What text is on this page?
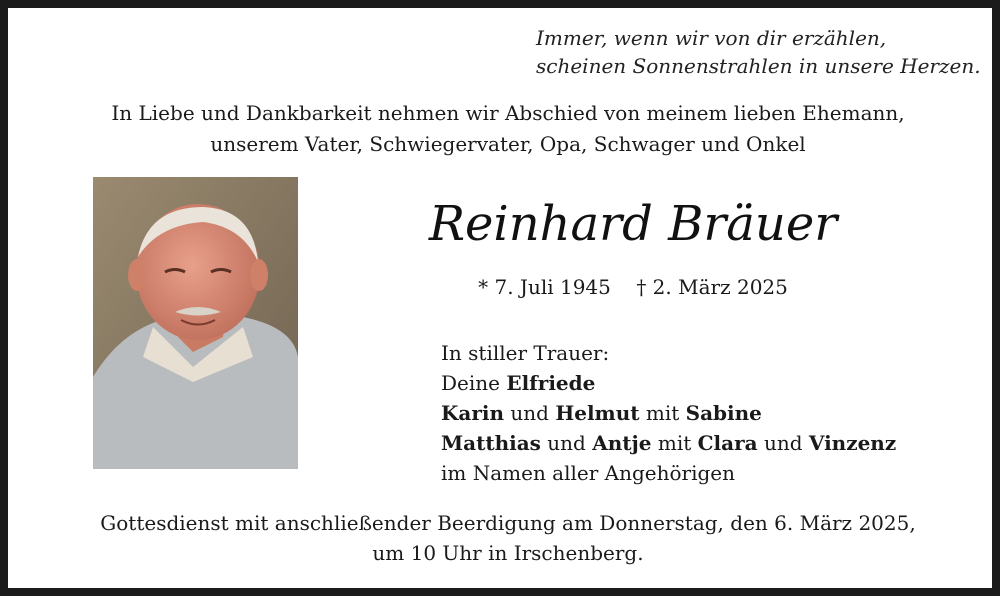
Immer, wenn wir von dir erzählen,
scheinen Sonnenstrahlen in unsere Herzen.
In Liebe und Dankbarkeit nehmen wir Abschied von meinem lieben Ehemann,
unserem Vater, Schwiegervater, Opa, Schwager und Onkel
Reinhard Bräuer
* 7. Juli 1945 † 2. März 2025
In stiller Trauer:
Deine Elfriede
Karin und Helmut mit Sabine
Matthias und Antje mit Clara und Vinzenz
im Namen aller Angehörigen
Gottesdienst mit anschließender Beerdigung am Donnerstag, den 6. März 2025,
um 10 Uhr in Irschenberg.
